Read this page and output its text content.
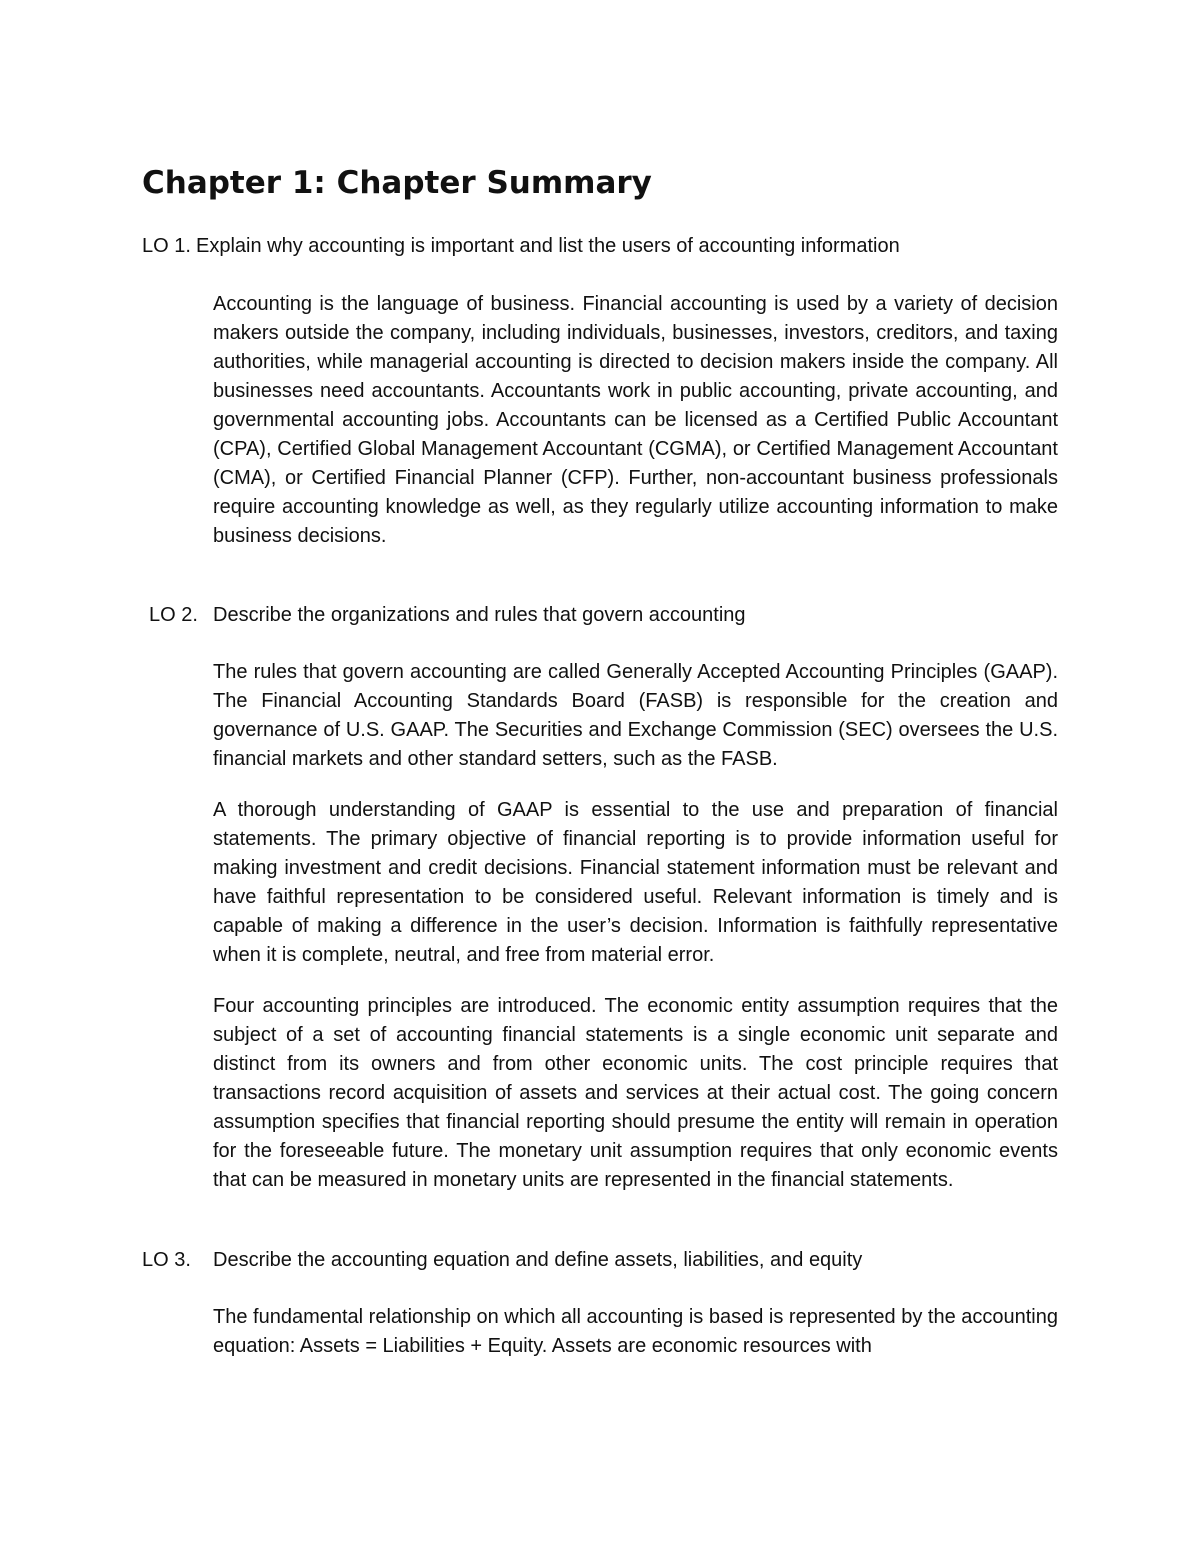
Chapter 1: Chapter Summary
LO 1. Explain why accounting is important and list the users of accounting information

Accounting is the language of business. Financial accounting is used by a variety of decision makers outside the company, including individuals, businesses, investors, creditors, and taxing authorities, while managerial accounting is directed to decision makers inside the company. All businesses need accountants. Accountants work in public accounting, private accounting, and governmental accounting jobs. Accountants can be licensed as a Certified Public Accountant (CPA), Certified Global Management Accountant (CGMA), or Certified Management Accountant (CMA), or Certified Financial Planner (CFP). Further, non-accountant business professionals require accounting knowledge as well, as they regularly utilize accounting information to make business decisions.

LO 2. Describe the organizations and rules that govern accounting

The rules that govern accounting are called Generally Accepted Accounting Principles (GAAP). The Financial Accounting Standards Board (FASB) is responsible for the creation and governance of U.S. GAAP. The Securities and Exchange Commission (SEC) oversees the U.S. financial markets and other standard setters, such as the FASB.

A thorough understanding of GAAP is essential to the use and preparation of financial statements. The primary objective of financial reporting is to provide information useful for making investment and credit decisions. Financial statement information must be relevant and have faithful representation to be considered useful. Relevant information is timely and is capable of making a difference in the user’s decision. Information is faithfully representative when it is complete, neutral, and free from material error.

Four accounting principles are introduced. The economic entity assumption requires that the subject of a set of accounting financial statements is a single economic unit separate and distinct from its owners and from other economic units. The cost principle requires that transactions record acquisition of assets and services at their actual cost. The going concern assumption specifies that financial reporting should presume the entity will remain in operation for the foreseeable future. The monetary unit assumption requires that only economic events that can be measured in monetary units are represented in the financial statements.

LO 3.	Describe the accounting equation and define assets, liabilities, and equity

The fundamental relationship on which all accounting is based is represented by the accounting equation: Assets = Liabilities + Equity. Assets are economic resources with
